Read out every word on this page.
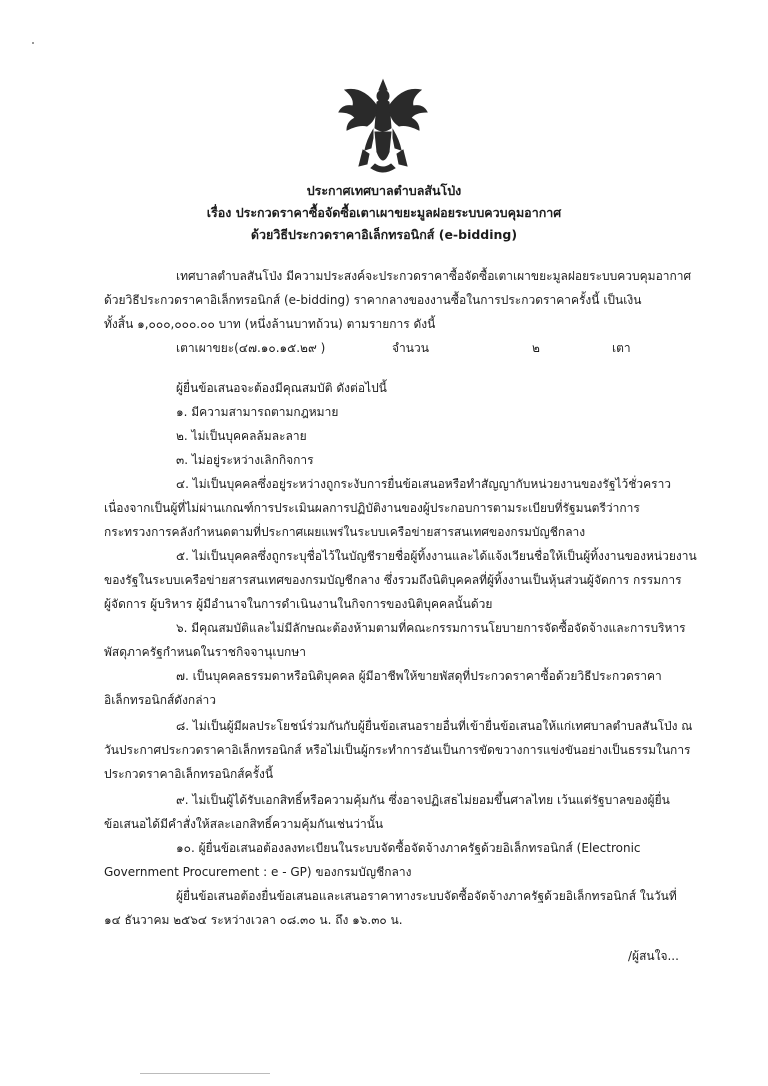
ประกาศเทศบาลตำบลสันโป่ง
เรื่อง ประกวดราคาซื้อจัดซื้อเตาเผาขยะมูลฝอยระบบควบคุมอากาศ
ด้วยวิธีประกวดราคาอิเล็กทรอนิกส์ (e-bidding)
เทศบาลตำบลสันโป่ง มีความประสงค์จะประกวดราคาซื้อจัดซื้อเตาเผาขยะมูลฝอยระบบควบคุมอากาศ
ด้วยวิธีประกวดราคาอิเล็กทรอนิกส์ (e-bidding) ราคากลางของงานซื้อในการประกวดราคาครั้งนี้ เป็นเงิน
ทั้งสิ้น ๑,๐๐๐,๐๐๐.๐๐ บาท (หนึ่งล้านบาทถ้วน) ตามรายการ ดังนี้
เตาเผาขยะ(๔๗.๑๐.๑๕.๒๙ )	จำนวน	๒	เตา
ผู้ยื่นข้อเสนอจะต้องมีคุณสมบัติ ดังต่อไปนี้
๑. มีความสามารถตามกฎหมาย
๒. ไม่เป็นบุคคลล้มละลาย
๓. ไม่อยู่ระหว่างเลิกกิจการ
๔. ไม่เป็นบุคคลซึ่งอยู่ระหว่างถูกระงับการยื่นข้อเสนอหรือทำสัญญากับหน่วยงานของรัฐไว้ชั่วคราว
เนื่องจากเป็นผู้ที่ไม่ผ่านเกณฑ์การประเมินผลการปฏิบัติงานของผู้ประกอบการตามระเบียบที่รัฐมนตรีว่าการ
กระทรวงการคลังกำหนดตามที่ประกาศเผยแพร่ในระบบเครือข่ายสารสนเทศของกรมบัญชีกลาง
๕. ไม่เป็นบุคคลซึ่งถูกระบุชื่อไว้ในบัญชีรายชื่อผู้ทิ้งงานและได้แจ้งเวียนชื่อให้เป็นผู้ทิ้งงานของหน่วยงาน
ของรัฐในระบบเครือข่ายสารสนเทศของกรมบัญชีกลาง ซึ่งรวมถึงนิติบุคคลที่ผู้ทิ้งงานเป็นหุ้นส่วนผู้จัดการ กรรมการ
ผู้จัดการ ผู้บริหาร ผู้มีอำนาจในการดำเนินงานในกิจการของนิติบุคคลนั้นด้วย
๖. มีคุณสมบัติและไม่มีลักษณะต้องห้ามตามที่คณะกรรมการนโยบายการจัดซื้อจัดจ้างและการบริหาร
พัสดุภาครัฐกำหนดในราชกิจจานุเบกษา
๗. เป็นบุคคลธรรมดาหรือนิติบุคคล ผู้มีอาชีพให้ขายพัสดุที่ประกวดราคาซื้อด้วยวิธีประกวดราคา
อิเล็กทรอนิกส์ดังกล่าว
๘. ไม่เป็นผู้มีผลประโยชน์ร่วมกันกับผู้ยื่นข้อเสนอรายอื่นที่เข้ายื่นข้อเสนอให้แก่เทศบาลตำบลสันโป่ง ณ
วันประกาศประกวดราคาอิเล็กทรอนิกส์ หรือไม่เป็นผู้กระทำการอันเป็นการขัดขวางการแข่งขันอย่างเป็นธรรมในการ
ประกวดราคาอิเล็กทรอนิกส์ครั้งนี้
๙. ไม่เป็นผู้ได้รับเอกสิทธิ์หรือความคุ้มกัน ซึ่งอาจปฏิเสธไม่ยอมขึ้นศาลไทย เว้นแต่รัฐบาลของผู้ยื่น
ข้อเสนอได้มีคำสั่งให้สละเอกสิทธิ์ความคุ้มกันเช่นว่านั้น
๑๐. ผู้ยื่นข้อเสนอต้องลงทะเบียนในระบบจัดซื้อจัดจ้างภาครัฐด้วยอิเล็กทรอนิกส์ (Electronic
Government Procurement : e - GP) ของกรมบัญชีกลาง
ผู้ยื่นข้อเสนอต้องยื่นข้อเสนอและเสนอราคาทางระบบจัดซื้อจัดจ้างภาครัฐด้วยอิเล็กทรอนิกส์ ในวันที่
๑๔ ธันวาคม ๒๕๖๔ ระหว่างเวลา ๐๘.๓๐ น. ถึง ๑๖.๓๐ น.
/ผู้สนใจ...
